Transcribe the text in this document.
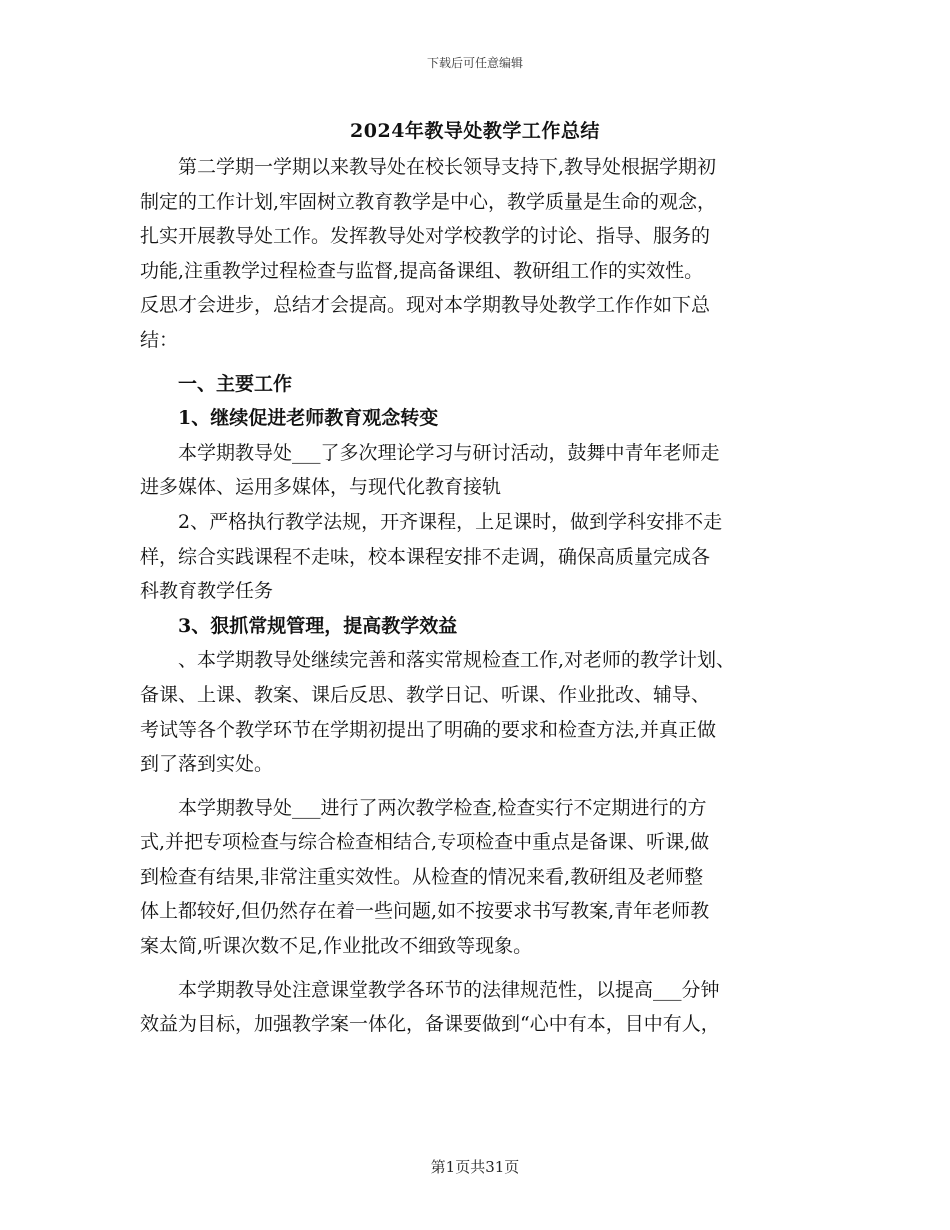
下载后可任意编辑
2024年教导处教学工作总结

　　第二学期一学期以来教导处在校长领导支持下,教导处根据学期初

制定的工作计划,牢固树立教育教学是中心，教学质量是生命的观念，

扎实开展教导处工作。发挥教导处对学校教学的讨论、指导、服务的

功能,注重教学过程检查与监督,提高备课组、教研组工作的实效性。

反思才会进步，总结才会提高。现对本学期教导处教学工作作如下总

结：

　　一、主要工作

　　1、继续促进老师教育观念转变

　　本学期教导处___了多次理论学习与研讨活动，鼓舞中青年老师走

进多媒体、运用多媒体，与现代化教育接轨

　　2、严格执行教学法规，开齐课程，上足课时，做到学科安排不走

样，综合实践课程不走味，校本课程安排不走调，确保高质量完成各

科教育教学任务

　　3、狠抓常规管理，提高教学效益

　　、本学期教导处继续完善和落实常规检查工作,对老师的教学计划、

备课、上课、教案、课后反思、教学日记、听课、作业批改、辅导、

考试等各个教学环节在学期初提出了明确的要求和检查方法,并真正做

到了落到实处。

　　本学期教导处___进行了两次教学检查,检查实行不定期进行的方

式,并把专项检查与综合检查相结合,专项检查中重点是备课、听课,做

到检查有结果,非常注重实效性。从检查的情况来看,教研组及老师整

体上都较好,但仍然存在着一些问题,如不按要求书写教案,青年老师教

案太简,听课次数不足,作业批改不细致等现象。

　　本学期教导处注意课堂教学各环节的法律规范性，以提高___分钟

效益为目标，加强教学案一体化，备课要做到“心中有本，目中有人，

第1页共31页
